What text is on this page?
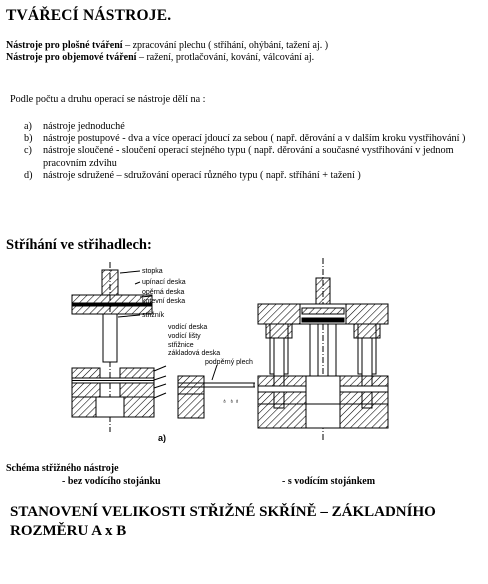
TVÁŘECÍ NÁSTROJE.
Nástroje pro plošné tváření – zpracování plechu ( stříhání, ohýbání, tažení aj. )
Nástroje pro objemové tváření – ražení, protlačování, kování, válcování aj.
Podle počtu a druhu operací se nástroje dělí na :
a)	nástroje jednoduché
b)	nástroje postupové - dva a více operací jdoucí za sebou ( např. děrování a v dalším kroku vystřihování )
c)	nástroje sloučené - sloučení operací stejného typu ( např. děrování a současné vystřihování v jednom pracovním zdvihu
d)	nástroje sdružené – sdružování operací různého typu ( např. stříhání + tažení )
Stříhání ve střihadlech:
♁ ♁♁
stopka
upínací deska
opěrná deska
kotevní deska
střižník
vodící deska
vodící lišty
střižnice
základová deska
podpěrný plech
a)	b)
Schéma střižného nástroje
- bez vodícího stojánku	- s vodícím stojánkem
STANOVENÍ VELIKOSTI STŘIŽNÉ SKŘÍNĚ – ZÁKLADNÍHO ROZMĚRU A x B
